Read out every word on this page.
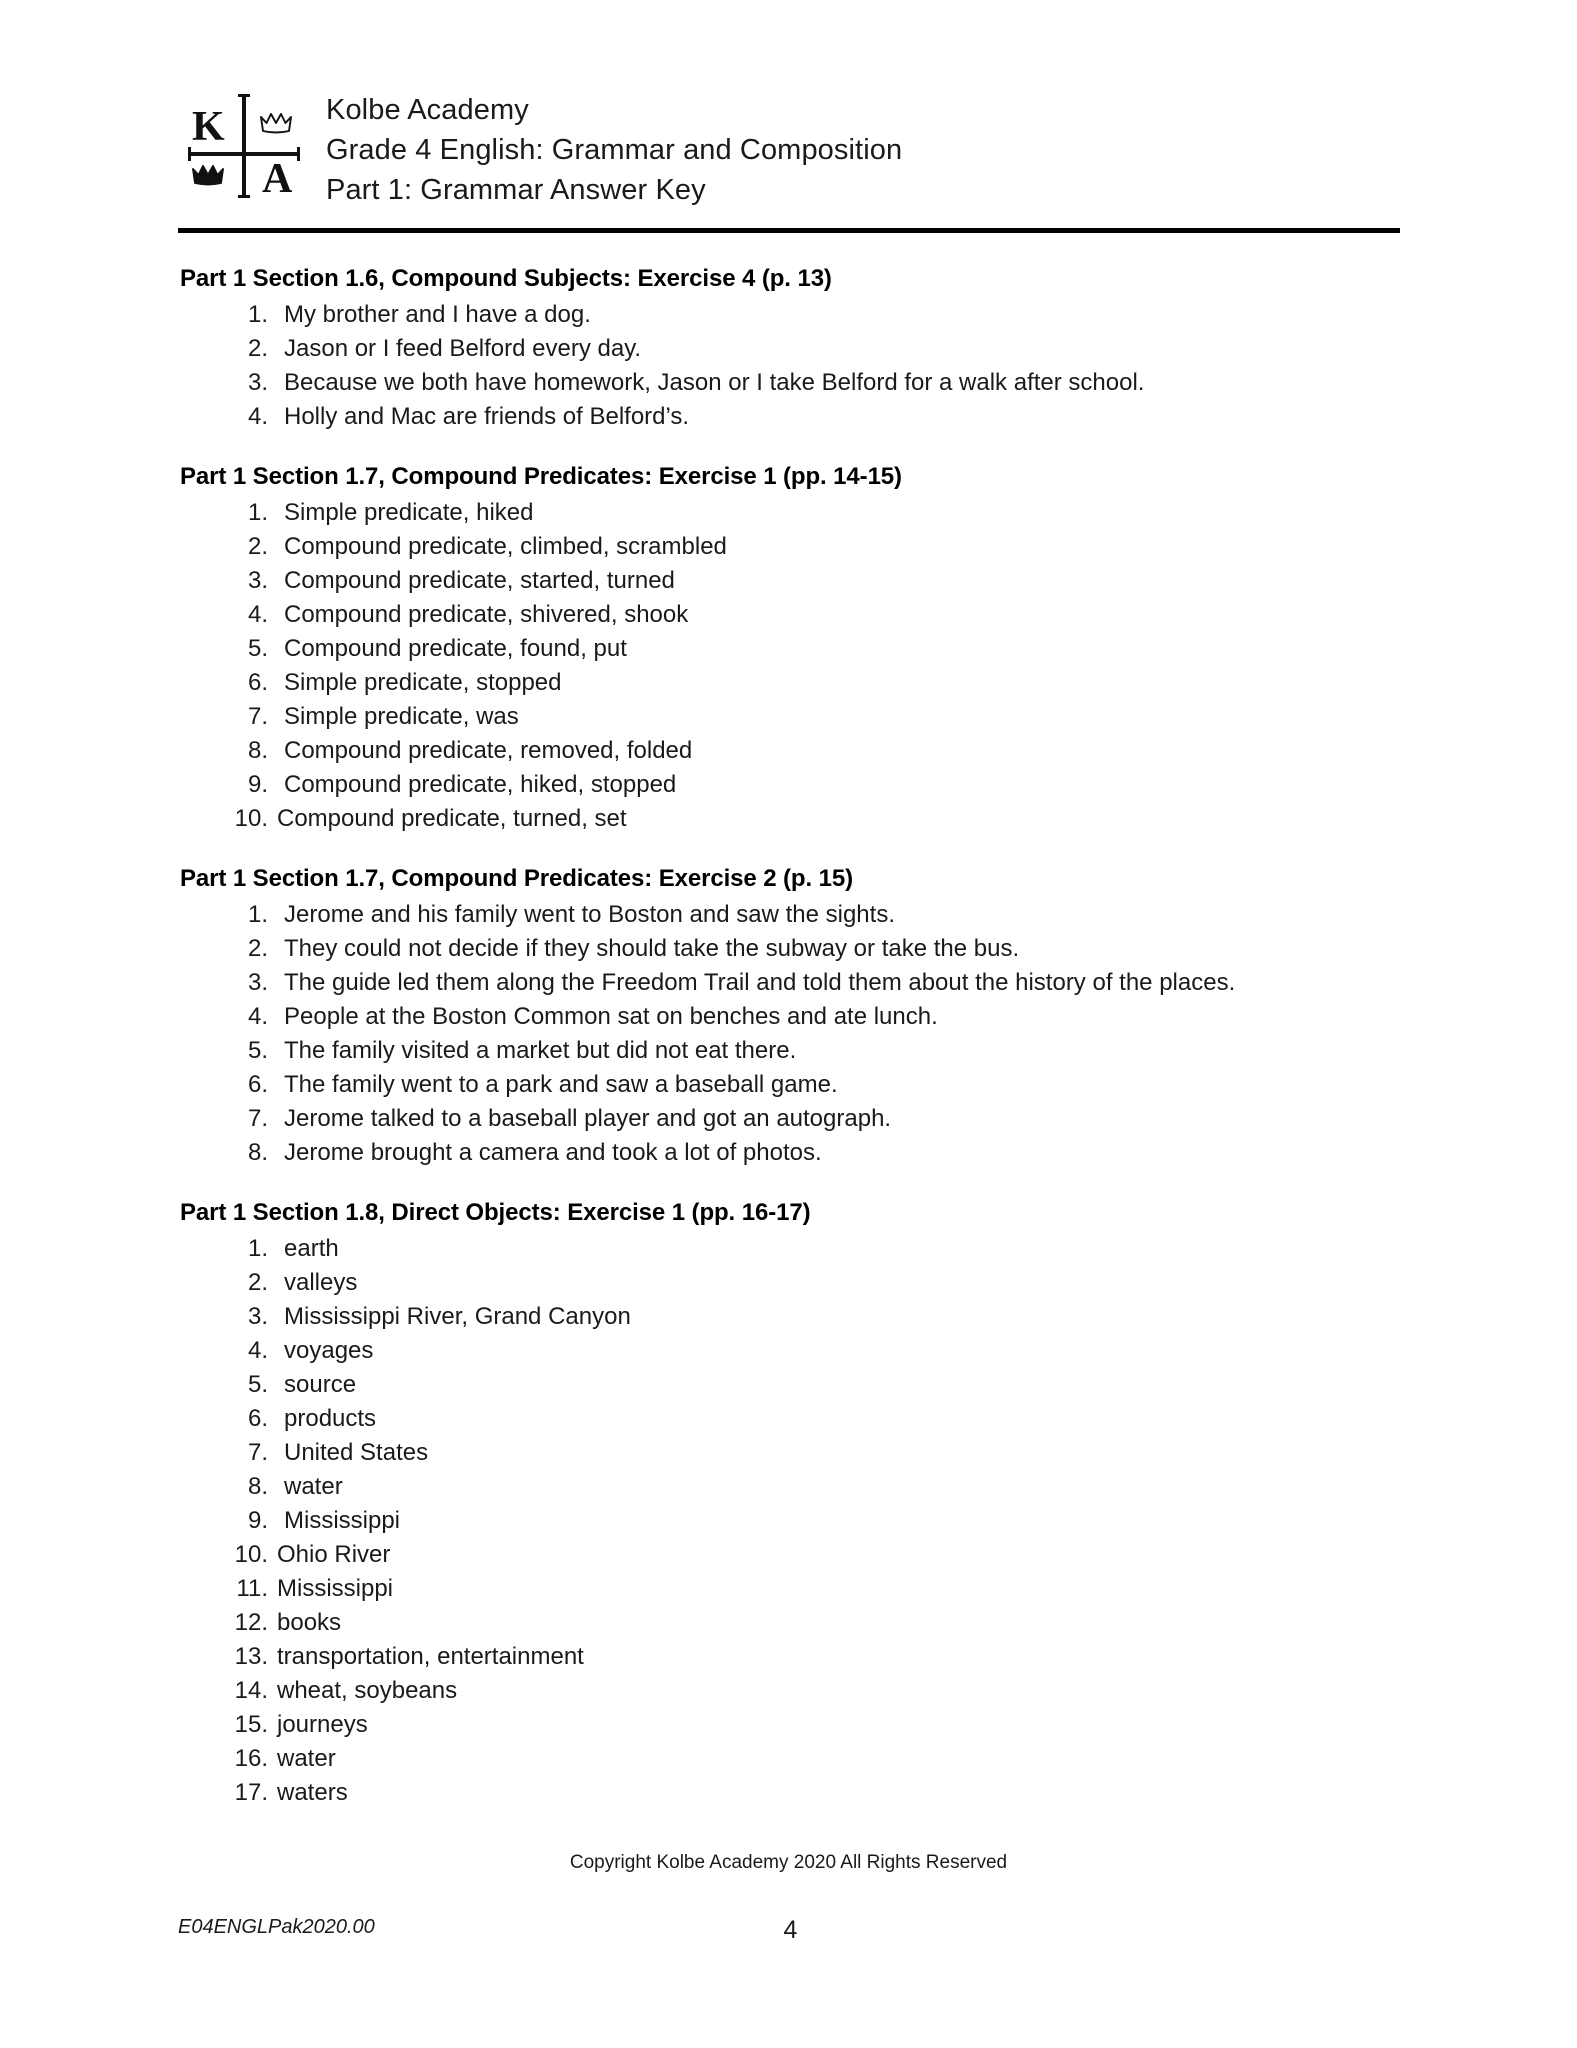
K
A
Kolbe Academy
Grade 4 English: Grammar and Composition
Part 1: Grammar Answer Key
Part 1 Section 1.6, Compound Subjects: Exercise 4 (p. 13)
1. My brother and I have a dog.
2. Jason or I feed Belford every day.
3. Because we both have homework, Jason or I take Belford for a walk after school.
4. Holly and Mac are friends of Belford’s.
Part 1 Section 1.7, Compound Predicates: Exercise 1 (pp. 14-15)
1. Simple predicate, hiked
2. Compound predicate, climbed, scrambled
3. Compound predicate, started, turned
4. Compound predicate, shivered, shook
5. Compound predicate, found, put
6. Simple predicate, stopped
7. Simple predicate, was
8. Compound predicate, removed, folded
9. Compound predicate, hiked, stopped
10. Compound predicate, turned, set
Part 1 Section 1.7, Compound Predicates: Exercise 2 (p. 15)
1. Jerome and his family went to Boston and saw the sights.
2. They could not decide if they should take the subway or take the bus.
3. The guide led them along the Freedom Trail and told them about the history of the places.
4. People at the Boston Common sat on benches and ate lunch.
5. The family visited a market but did not eat there.
6. The family went to a park and saw a baseball game.
7. Jerome talked to a baseball player and got an autograph.
8. Jerome brought a camera and took a lot of photos.
Part 1 Section 1.8, Direct Objects: Exercise 1 (pp. 16-17)
1. earth
2. valleys
3. Mississippi River, Grand Canyon
4. voyages
5. source
6. products
7. United States
8. water
9. Mississippi
10. Ohio River
11. Mississippi
12. books
13. transportation, entertainment
14. wheat, soybeans
15. journeys
16. water
17. waters
Copyright Kolbe Academy 2020 All Rights Reserved
4
E04ENGLPak2020.00
